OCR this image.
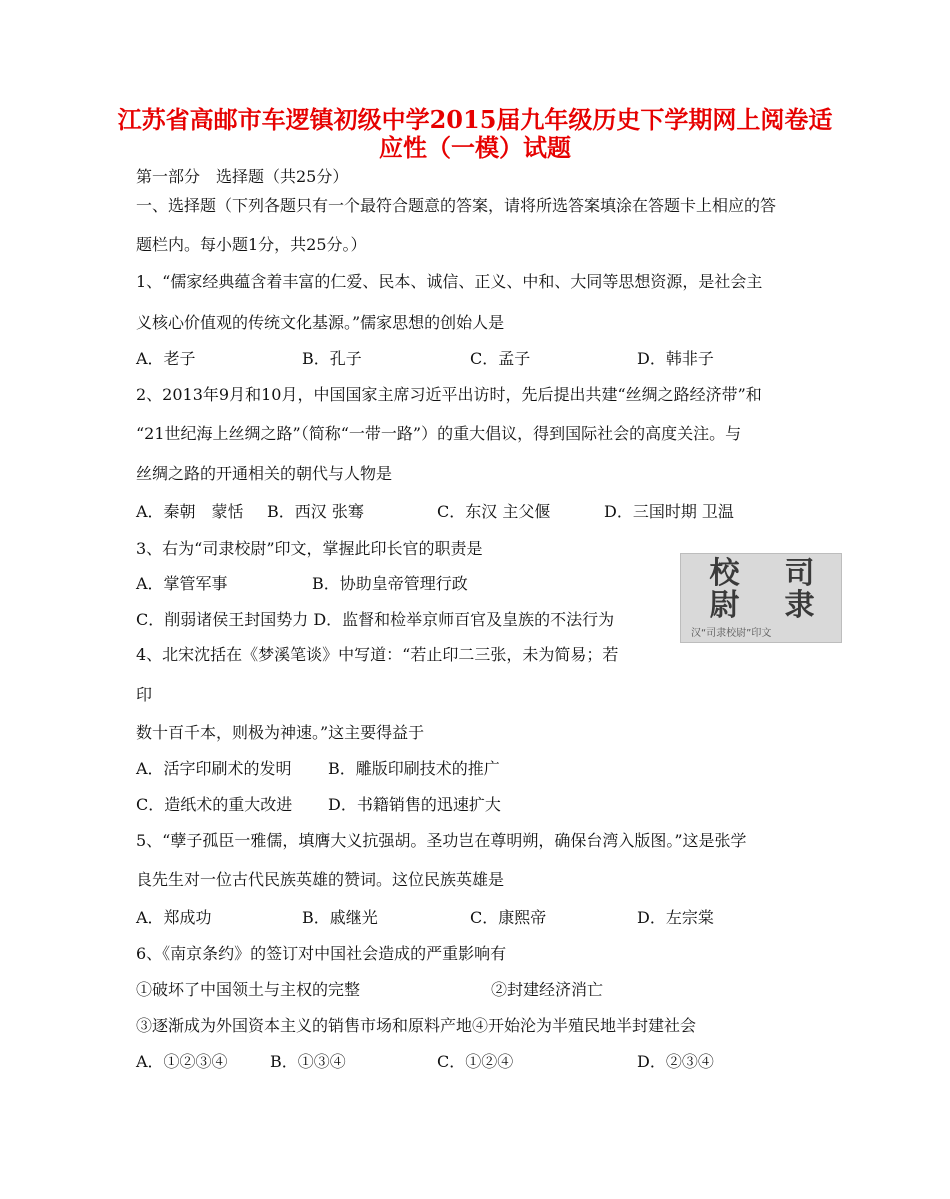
江苏省高邮市车逻镇初级中学2015届九年级历史下学期网上阅卷适
应性（一模）试题
第一部分　选择题（共25分）
一、选择题（下列各题只有一个最符合题意的答案，请将所选答案填涂在答题卡上相应的答
题栏内。每小题1分，共25分。）
1、“儒家经典蕴含着丰富的仁爱、民本、诚信、正义、中和、大同等思想资源，是社会主
义核心价值观的传统文化基源。”儒家思想的创始人是
A．老子	B．孔子	C．孟子	D．韩非子
2、2013年9月和10月，中国国家主席习近平出访时，先后提出共建“丝绸之路经济带”和
“21世纪海上丝绸之路”（简称“一带一路”）的重大倡议，得到国际社会的高度关注。与
丝绸之路的开通相关的朝代与人物是
A．秦朝　蒙恬 B．西汉 张骞	C．东汉 主父偃	D．三国时期 卫温
3、右为“司隶校尉”印文，掌握此印长官的职责是
A．掌管军事	B．协助皇帝管理行政
C．削弱诸侯王封国势力 D．监督和检举京师百官及皇族的不法行为
校	司
尉	隶
汉“司隶校尉”印文
4、北宋沈括在《梦溪笔谈》中写道：“若止印二三张，未为简易；若
印
数十百千本，则极为神速。”这主要得益于
A．活字印刷术的发明 B．雕版印刷技术的推广
C．造纸术的重大改进 D．书籍销售的迅速扩大
5、“孽子孤臣一雅儒，填膺大义抗强胡。圣功岂在尊明朔，确保台湾入版图。”这是张学
良先生对一位古代民族英雄的赞词。这位民族英雄是
A．郑成功	B．戚继光	C．康熙帝	D．左宗棠
6、《南京条约》的签订对中国社会造成的严重影响有
①破坏了中国领土与主权的完整	②封建经济消亡
③逐渐成为外国资本主义的销售市场和原料产地④开始沦为半殖民地半封建社会
A．①②③④	B．①③④	C．①②④	D．②③④
